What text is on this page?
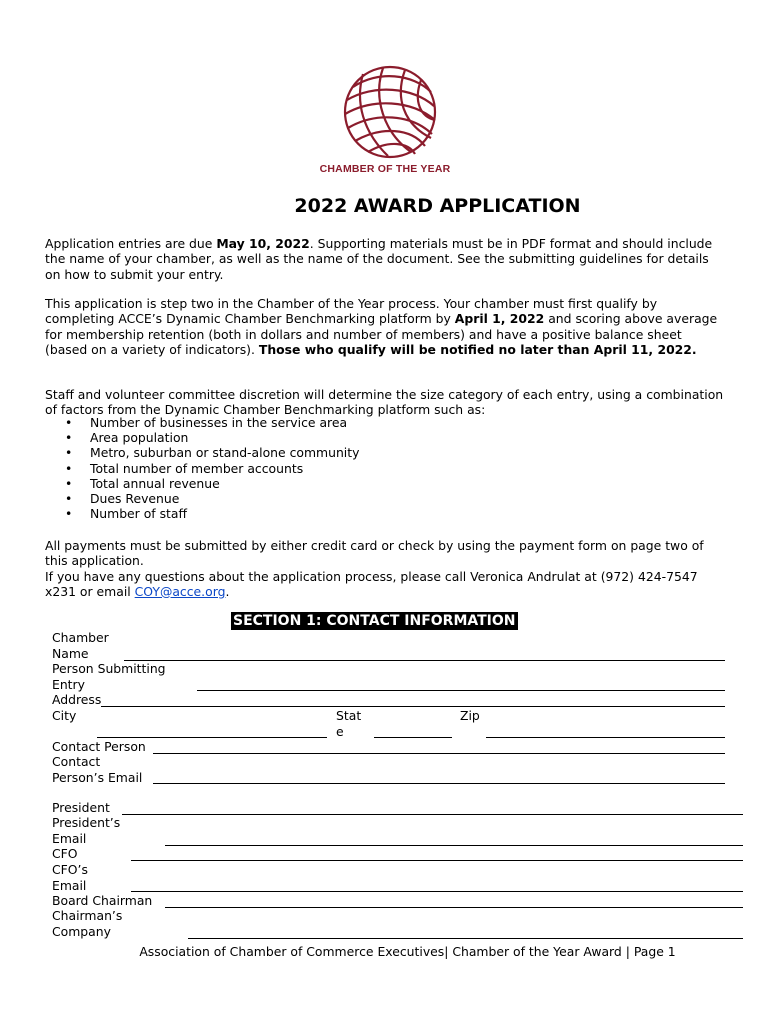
CHAMBER OF THE YEAR
2022 AWARD APPLICATION
Application entries are due May 10, 2022. Supporting materials must be in PDF format and should include the name of your chamber, as well as the name of the document. See the submitting guidelines for details on how to submit your entry.
This application is step two in the Chamber of the Year process. Your chamber must first qualify by completing ACCE’s Dynamic Chamber Benchmarking platform by April 1, 2022 and scoring above average for membership retention (both in dollars and number of members) and have a positive balance sheet (based on a variety of indicators). Those who qualify will be notified no later than April 11, 2022.
Staff and volunteer committee discretion will determine the size category of each entry, using a combination of factors from the Dynamic Chamber Benchmarking platform such as:
• Number of businesses in the service area
• Area population
• Metro, suburban or stand-alone community
• Total number of member accounts
• Total annual revenue
• Dues Revenue
• Number of staff
All payments must be submitted by either credit card or check by using the payment form on page two of this application.
If you have any questions about the application process, please call Veronica Andrulat at (972) 424-7547 x231 or email COY@acce.org.
SECTION 1: CONTACT INFORMATION
Chamber
Name
Person Submitting
Entry
Address
City	Stat
e
Zip
Contact Person
Contact
Person’s Email
President
President’s
Email
CFO
CFO’s
Email
Board Chairman
Chairman’s
Company
Association of Chamber of Commerce Executives| Chamber of the Year Award | Page 1
